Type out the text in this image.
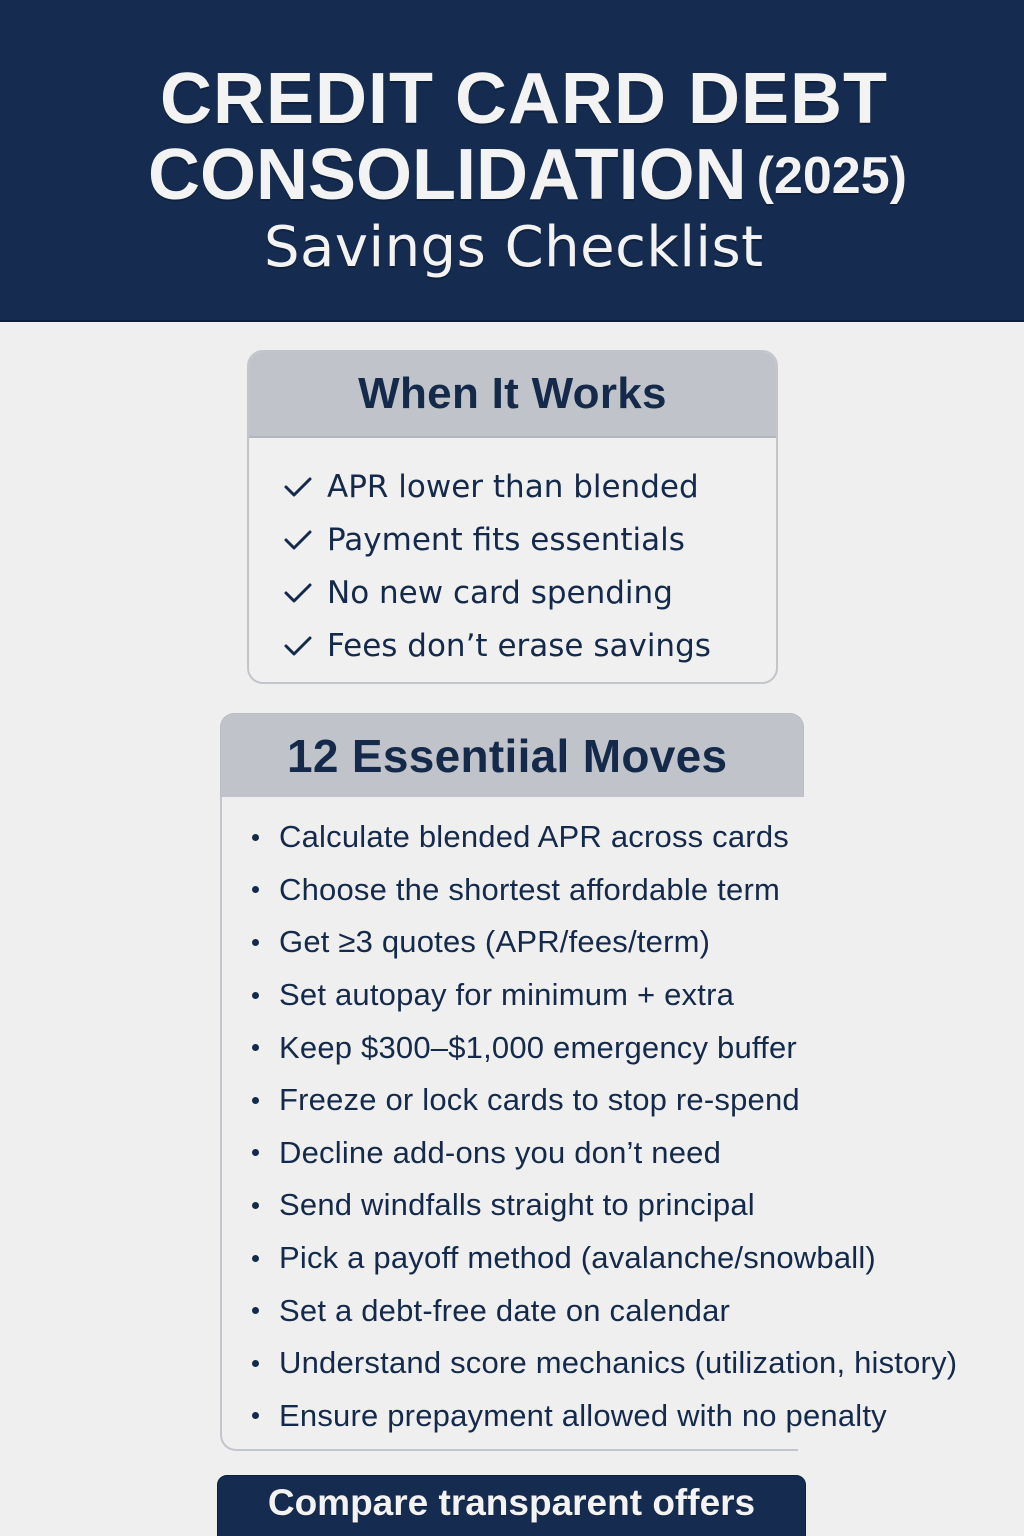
CREDIT CARD DEBT
CONSOLIDATION (2025)
Savings Checklist
When It Works
APR lower than blended
Payment fits essentials
No new card spending
Fees don’t erase savings
12 Essentiial Moves
Calculate blended APR across cards
Choose the shortest affordable term
Get ≥3 quotes (APR/fees/term)
Set autopay for minimum + extra
Keep $300–$1,000 emergency buffer
Freeze or lock cards to stop re-spend
Decline add-ons you don’t need
Send windfalls straight to principal
Pick a payoff method (avalanche/snowball)
Set a debt-free date on calendar
Understand score mechanics (utilization, history)
Ensure prepayment allowed with no penalty
Compare transparent offers
